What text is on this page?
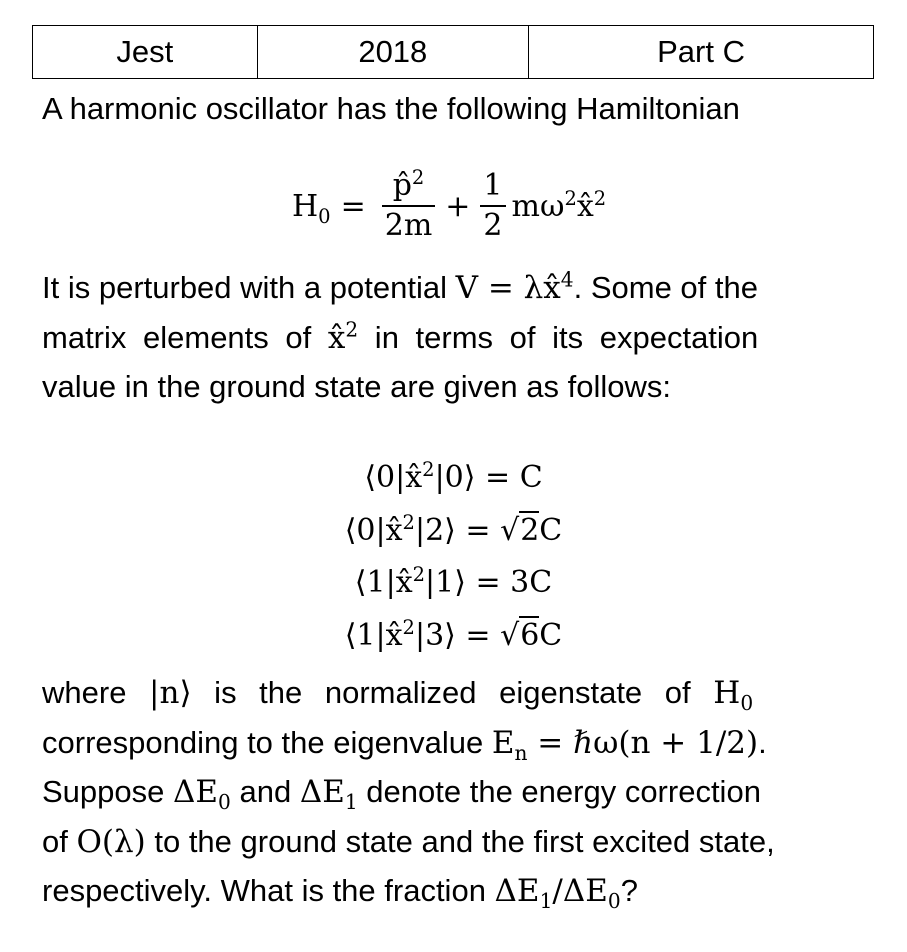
Jest	2018	Part C

A harmonic oscillator has the following Hamiltonian

$H_0 = \frac{p̂^2}{2m} + \frac{1}{2}$ $m\omega^2x̂^2$

It is perturbed with a potential V = λx̂$^4$. Some of the

matrix elements of x̂$^2$ in terms of its expectation

value in the ground state are given as follows:

⟨0|x̂$^2$|0⟩ = C
⟨0|x̂$^2$|2⟩ = √2C
⟨1|x̂$^2$|1⟩ = 3C
⟨1|x̂$^2$|3⟩ = √6C

where |n⟩ is the normalized eigenstate of $H_0$

corresponding to the eigenvalue $E_n$ = ℏω(n + 1/2).

Suppose $\Delta E_0$ and $\Delta E_1$ denote the energy correction

of O(λ) to the ground state and the first excited state,

respectively. What is the fraction $\Delta E_1/\Delta E_0$?
